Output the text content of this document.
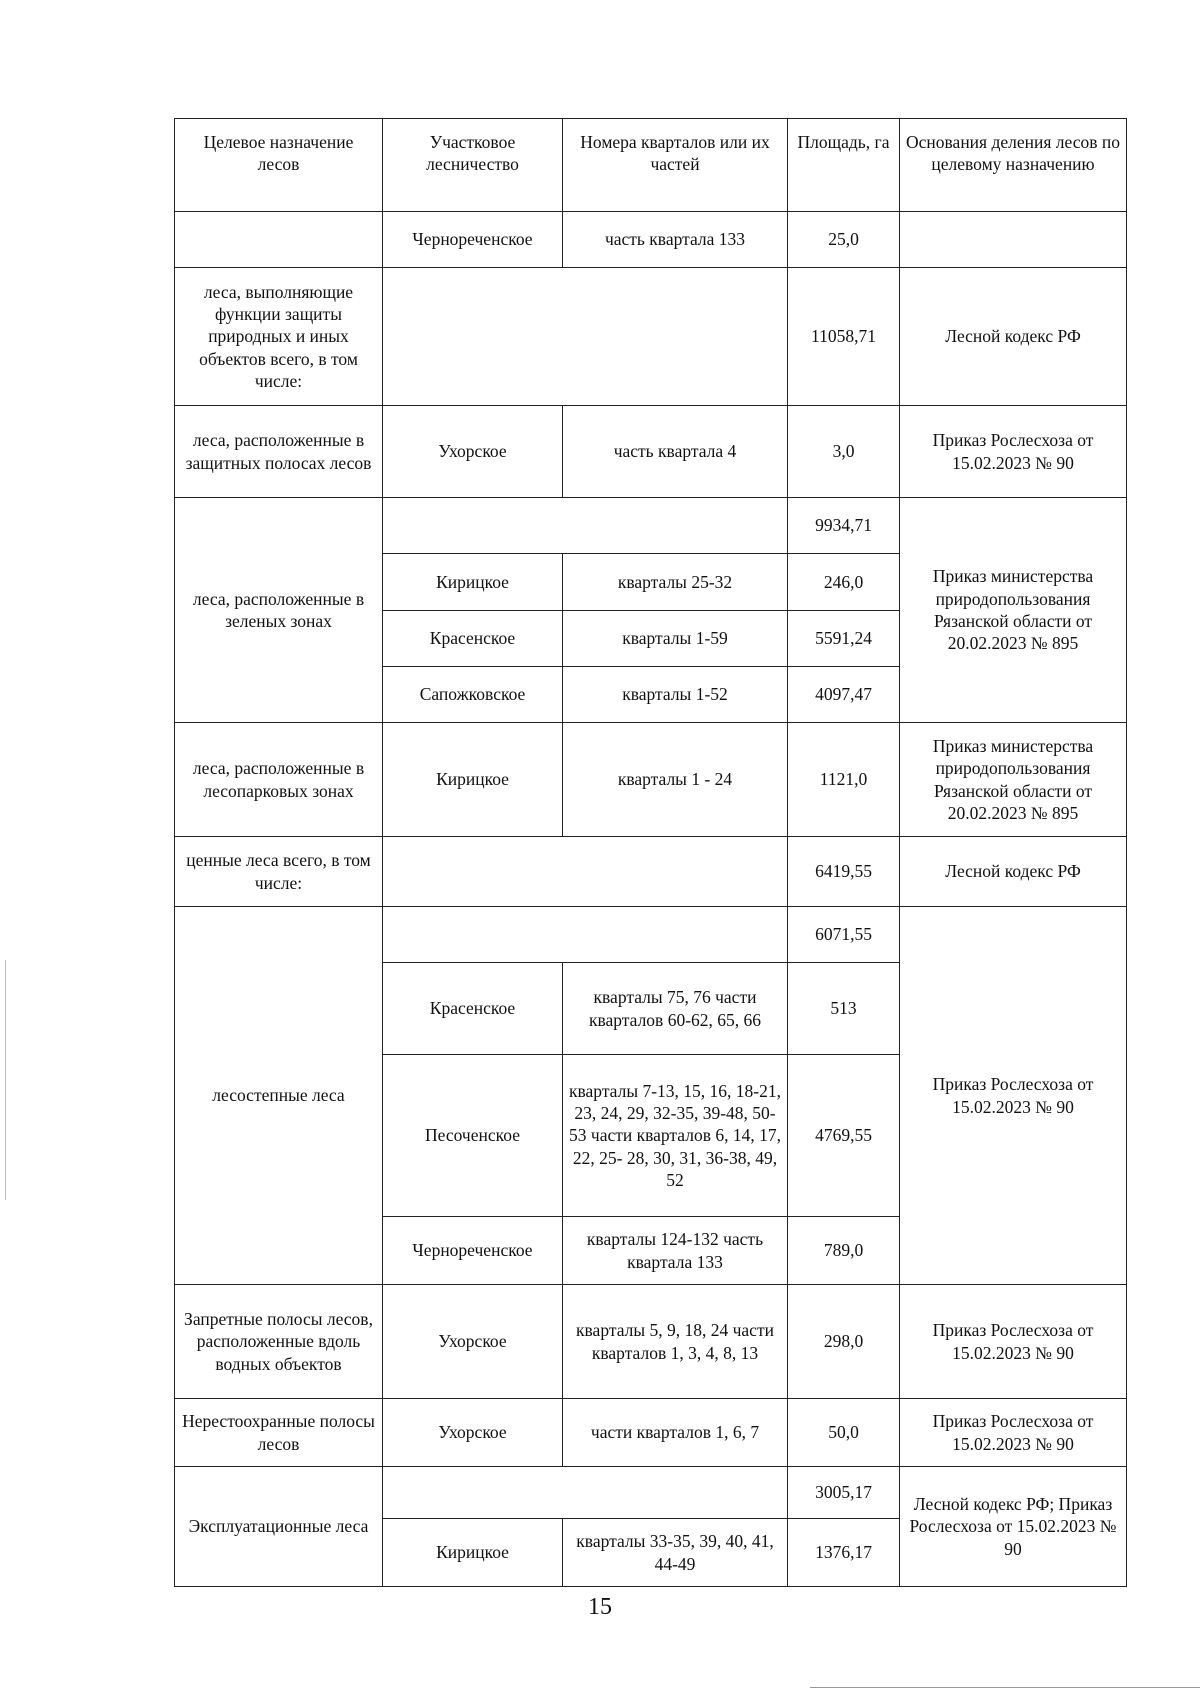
Целевое назначение лесов	Участковое лесничество	Номера кварталов или их частей	Площадь, га	Основания деления лесов по целевому назначению
	Чернореченское	часть квартала 133	25,0	
леса, выполняющие функции защиты природных и иных объектов всего, в том числе:			11058,71	Лесной кодекс РФ
леса, расположенные в защитных полосах лесов	Ухорское	часть квартала 4	3,0	Приказ Рослесхоза от 15.02.2023 № 90
леса, расположенные в зеленых зонах			9934,71	Приказ министерства природопользования Рязанской области от 20.02.2023 № 895
	Кирицкое	кварталы 25-32	246,0	
	Красенское	кварталы 1-59	5591,24	
	Сапожковское	кварталы 1-52	4097,47	
леса, расположенные в лесопарковых зонах	Кирицкое	кварталы 1 - 24	1121,0	Приказ министерства природопользования Рязанской области от 20.02.2023 № 895
ценные леса всего, в том числе:			6419,55	Лесной кодекс РФ
лесостепные леса			6071,55	Приказ Рослесхоза от 15.02.2023 № 90
	Красенское	кварталы 75, 76 части кварталов 60-62, 65, 66	513	
	Песоченское	кварталы 7-13, 15, 16, 18-21, 23, 24, 29, 32-35, 39-48, 50-53 части кварталов 6, 14, 17, 22, 25- 28, 30, 31, 36-38, 49, 52	4769,55	
	Чернореченское	кварталы 124-132 часть квартала 133	789,0	
Запретные полосы лесов, расположенные вдоль водных объектов	Ухорское	кварталы 5, 9, 18, 24 части кварталов 1, 3, 4, 8, 13	298,0	Приказ Рослесхоза от 15.02.2023 № 90
Нерестоохранные полосы лесов	Ухорское	части кварталов 1, 6, 7	50,0	Приказ Рослесхоза от 15.02.2023 № 90
Эксплуатационные леса			3005,17	Лесной кодекс РФ; Приказ Рослесхоза от 15.02.2023 № 90
	Кирицкое	кварталы 33-35, 39, 40, 41, 44-49	1376,17	
15
